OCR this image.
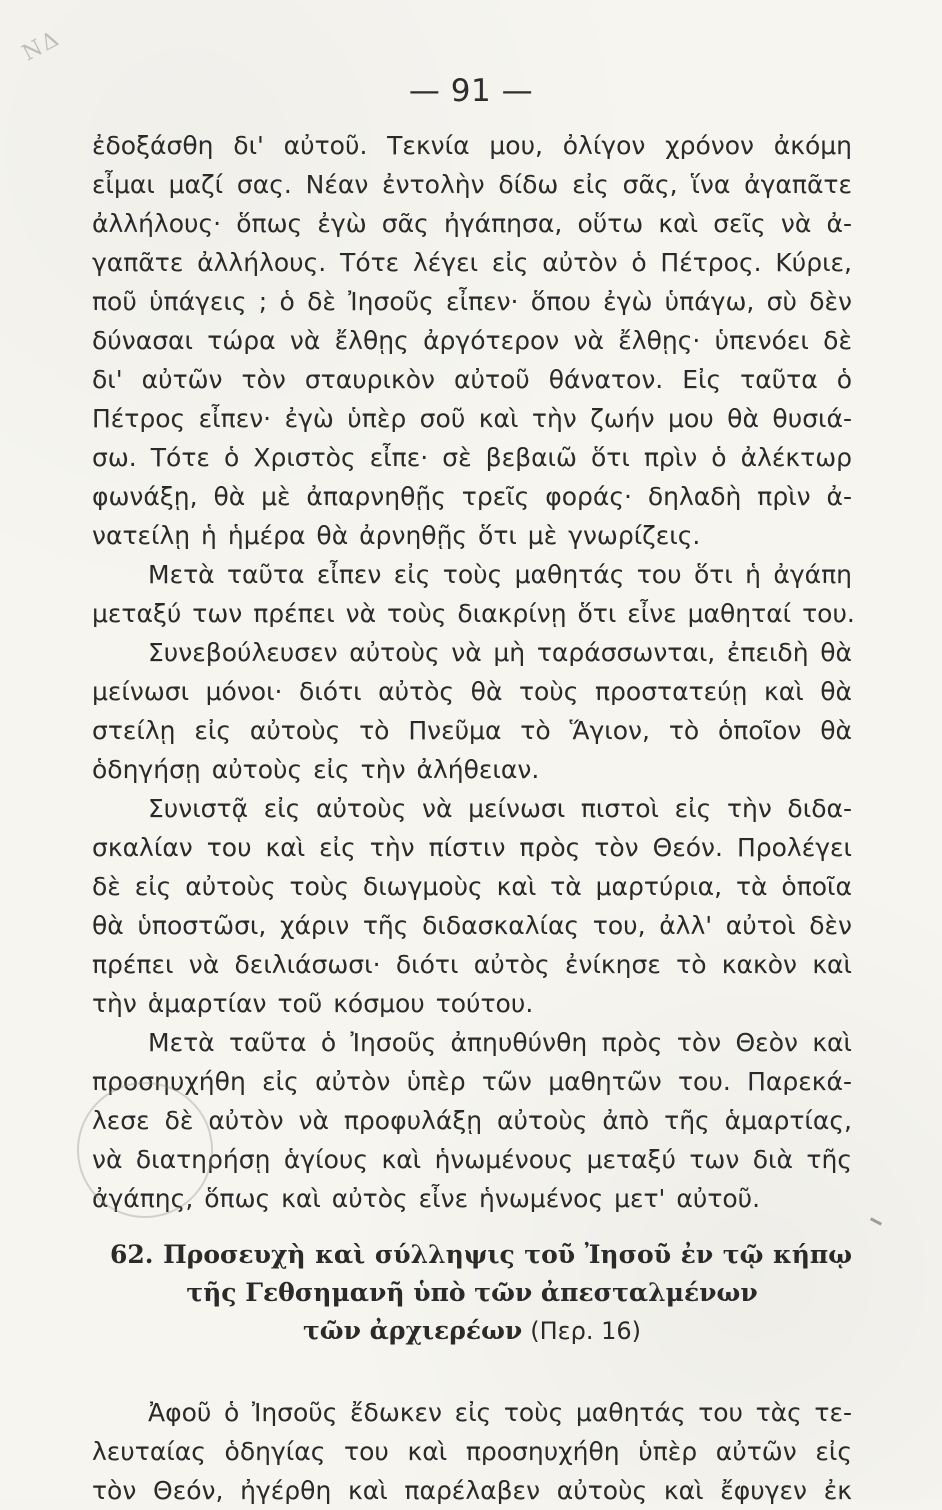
ΝΔ
— 91 —
ἐδοξάσθη δι' αὐτοῦ. Τεκνία μου, ὀλίγον χρόνον ἀκόμη
εἶμαι μαζί σας. Νέαν ἐντολὴν δίδω εἰς σᾶς, ἵνα ἀγαπᾶτε
ἀλλήλους· ὅπως ἐγὼ σᾶς ἠγάπησα, οὕτω καὶ σεῖς νὰ ἀ-
γαπᾶτε ἀλλήλους. Τότε λέγει εἰς αὐτὸν ὁ Πέτρος. Κύριε,
ποῦ ὑπάγεις ; ὁ δὲ Ἰησοῦς εἶπεν· ὅπου ἐγὼ ὑπάγω, σὺ δὲν
δύνασαι τώρα νὰ ἔλθῃς ἀργότερον νὰ ἔλθῃς· ὑπενόει δὲ
δι' αὐτῶν τὸν σταυρικὸν αὐτοῦ θάνατον. Εἰς ταῦτα ὁ
Πέτρος εἶπεν· ἐγὼ ὑπὲρ σοῦ καὶ τὴν ζωήν μου θὰ θυσιά-
σω. Τότε ὁ Χριστὸς εἶπε· σὲ βεβαιῶ ὅτι πρὶν ὁ ἀλέκτωρ
φωνάξῃ, θὰ μὲ ἀπαρνηθῇς τρεῖς φοράς· δηλαδὴ πρὶν ἀ-
νατείλῃ ἡ ἡμέρα θὰ ἀρνηθῇς ὅτι μὲ γνωρίζεις.
Μετὰ ταῦτα εἶπεν εἰς τοὺς μαθητάς του ὅτι ἡ ἀγάπη
μεταξύ των πρέπει νὰ τοὺς διακρίνῃ ὅτι εἶνε μαθηταί του.
Συνεβούλευσεν αὐτοὺς νὰ μὴ ταράσσωνται, ἐπειδὴ θὰ
μείνωσι μόνοι· διότι αὐτὸς θὰ τοὺς προστατεύῃ καὶ θὰ
στείλῃ εἰς αὐτοὺς τὸ Πνεῦμα τὸ Ἅγιον, τὸ ὁποῖον θὰ
ὁδηγήσῃ αὐτοὺς εἰς τὴν ἀλήθειαν.
Συνιστᾷ εἰς αὐτοὺς νὰ μείνωσι πιστοὶ εἰς τὴν διδα-
σκαλίαν του καὶ εἰς τὴν πίστιν πρὸς τὸν Θεόν. Προλέγει
δὲ εἰς αὐτοὺς τοὺς διωγμοὺς καὶ τὰ μαρτύρια, τὰ ὁποῖα
θὰ ὑποστῶσι, χάριν τῆς διδασκαλίας του, ἀλλ' αὐτοὶ δὲν
πρέπει νὰ δειλιάσωσι· διότι αὐτὸς ἐνίκησε τὸ κακὸν καὶ
τὴν ἁμαρτίαν τοῦ κόσμου τούτου.
Μετὰ ταῦτα ὁ Ἰησοῦς ἀπηυθύνθη πρὸς τὸν Θεὸν καὶ
προσηυχήθη εἰς αὐτὸν ὑπὲρ τῶν μαθητῶν του. Παρεκά-
λεσε δὲ αὐτὸν νὰ προφυλάξῃ αὐτοὺς ἀπὸ τῆς ἁμαρτίας,
νὰ διατηρήσῃ ἁγίους καὶ ἡνωμένους μεταξύ των διὰ τῆς
ἀγάπης, ὅπως καὶ αὐτὸς εἶνε ἡνωμένος μετ' αὐτοῦ.
62. Προσευχὴ καὶ σύλληψις τοῦ Ἰησοῦ ἐν τῷ κήπῳ
τῆς Γεθσημανῆ ὑπὸ τῶν ἀπεσταλμένων
τῶν ἀρχιερέων (Περ. 16)
Ἀφοῦ ὁ Ἰησοῦς ἔδωκεν εἰς τοὺς μαθητάς του τὰς τε-
λευταίας ὁδηγίας του καὶ προσηυχήθη ὑπὲρ αὐτῶν εἰς
τὸν Θεόν, ἠγέρθη καὶ παρέλαβεν αὐτοὺς καὶ ἔφυγεν ἐκ
